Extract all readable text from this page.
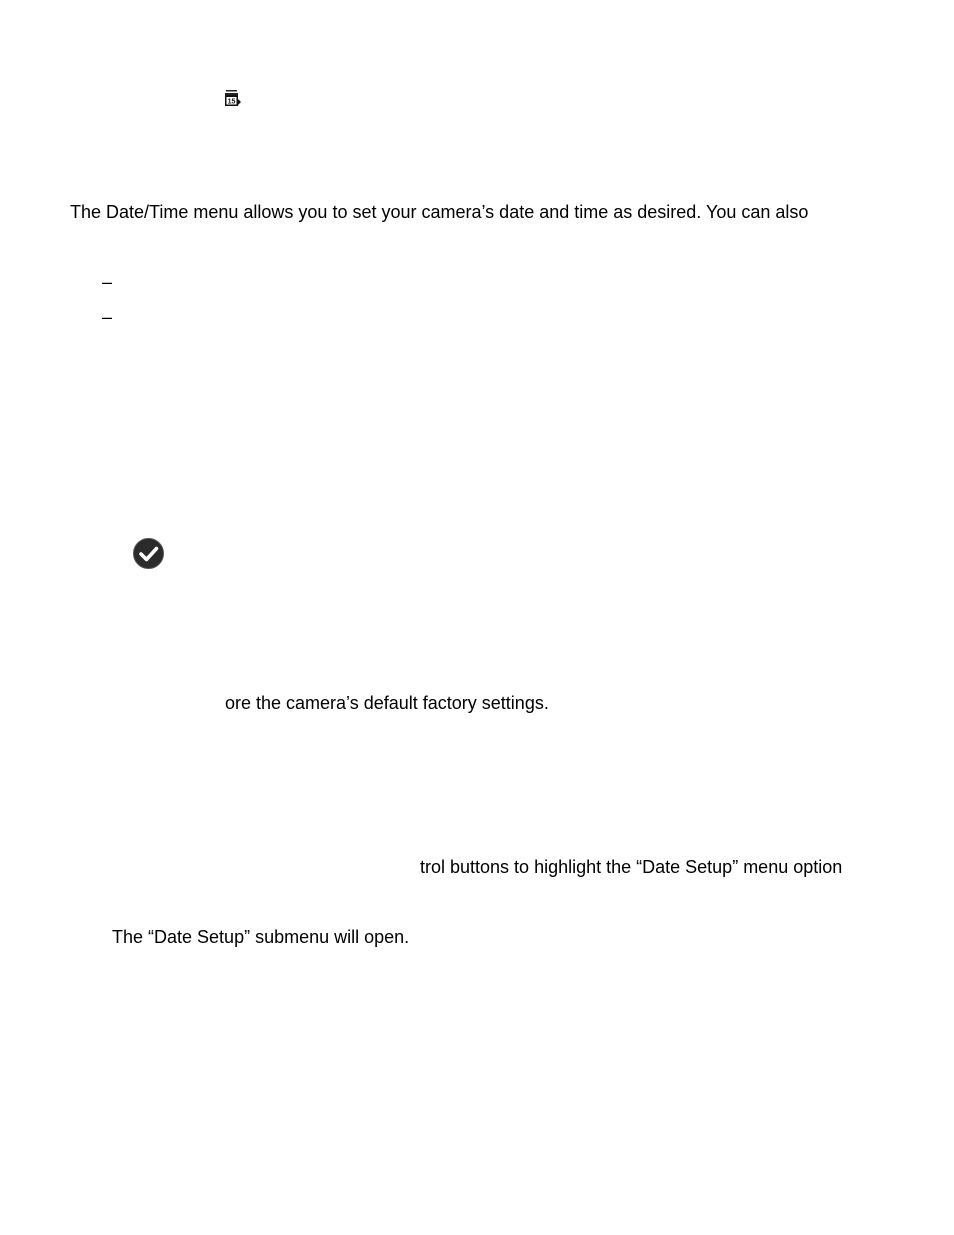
15
The Date/Time menu allows you to set your camera’s date and time as desired. You can also
–
–
ore the camera’s default factory settings.
trol buttons to highlight the “Date Setup” menu option
The “Date Setup” submenu will open.
